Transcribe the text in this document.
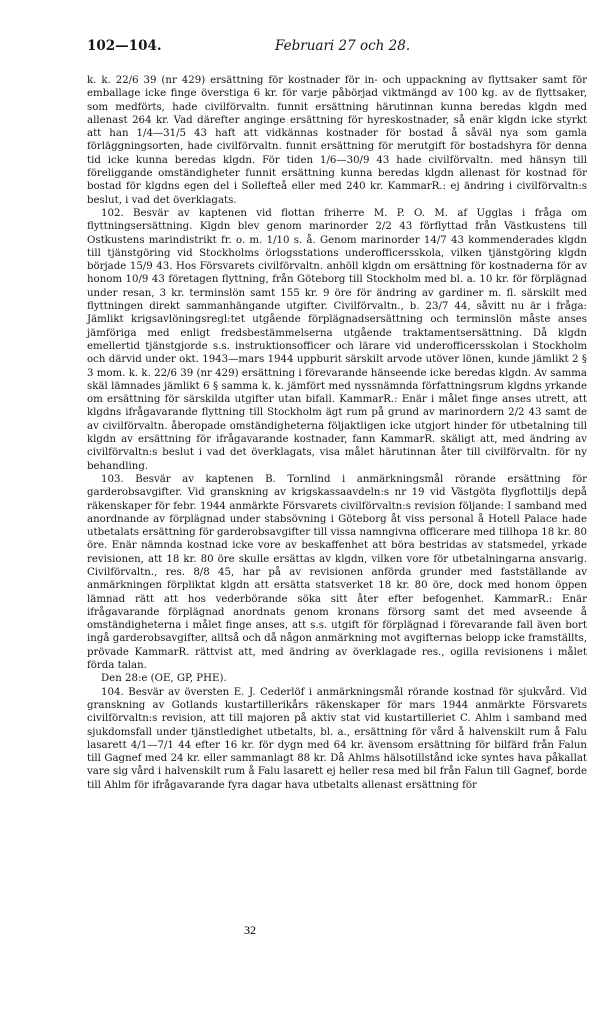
102—104.	Februari 27 och 28.

k. k. 22/6 39 (nr 429) ersättning för kostnader för in- och uppackning av flyttsaker samt för emballage icke finge överstiga 6 kr. för varje påbörjad viktmängd av 100 kg. av de flyttsaker, som medförts, hade civilförvaltn. funnit ersättning härutinnan kunna beredas klgdn med allenast 264 kr. Vad därefter anginge ersättning för hyreskostnader, så enär klgdn icke styrkt att han 1/4—31/5 43 haft att vidkännas kostnader för bostad å såväl nya som gamla förläggningsorten, hade civilförvaltn. funnit ersättning för merutgift för bostadshyra för denna tid icke kunna beredas klgdn. För tiden 1/6—30/9 43 hade civilförvaltn. med hänsyn till föreliggande omständigheter funnit ersättning kunna beredas klgdn allenast för kostnad för bostad för klgdns egen del i Sollefteå eller med 240 kr. KammarR.: ej ändring i civilförvaltn:s beslut, i vad det överklagats.

102. Besvär av kaptenen vid flottan friherre M. P. O. M. af Ugglas i fråga om flyttningsersättning. Klgdn blev genom marinorder 2/2 43 förflyttad från Västkustens till Ostkustens marindistrikt fr. o. m. 1/10 s. å. Genom marinorder 14/7 43 kommenderades klgdn till tjänstgöring vid Stockholms örlogsstations underofficersskola, vilken tjänstgöring klgdn började 15/9 43. Hos Försvarets civilförvaltn. anhöll klgdn om ersättning för kostnaderna för av honom 10/9 43 företagen flyttning, från Göteborg till Stockholm med bl. a. 10 kr. för förplägnad under resan, 3 kr. terminslön samt 155 kr. 9 öre för ändring av gardiner m. fl. särskilt med flyttningen direkt sammanhängande utgifter. Civilförvaltn., b. 23/7 44, såvitt nu är i fråga: Jämlikt krigsavlöningsregl:tet utgående förplägnadsersättning och terminslön måste anses jämföriga med enligt fredsbestämmelserna utgående traktamentsersättning. Då klgdn emellertid tjänstgjorde s.s. instruktionsofficer och lärare vid underofficersskolan i Stockholm och därvid under okt. 1943—mars 1944 uppburit särskilt arvode utöver lönen, kunde jämlikt 2 § 3 mom. k. k. 22/6 39 (nr 429) ersättning i förevarande hänseende icke beredas klgdn. Av samma skäl lämnades jämlikt 6 § samma k. k. jämfört med nyssnämnda författningsrum klgdns yrkande om ersättning för särskilda utgifter utan bifall. KammarR.: Enär i målet finge anses utrett, att klgdns ifrågavarande flyttning till Stockholm ägt rum på grund av marinordern 2/2 43 samt de av civilförvaltn. åberopade omständigheterna följaktligen icke utgjort hinder för utbetalning till klgdn av ersättning för ifrågavarande kostnader, fann KammarR. skäligt att, med ändring av civilförvaltn:s beslut i vad det överklagats, visa målet härutinnan åter till civilförvaltn. för ny behandling.

103. Besvär av kaptenen B. Tornlind i anmärkningsmål rörande ersättning för garderobsavgifter. Vid granskning av krigskassaavdeln:s nr 19 vid Västgöta flygflottiljs depå räkenskaper för febr. 1944 anmärkte Försvarets civilförvaltn:s revision följande: I samband med anordnande av förplägnad under stabsövning i Göteborg åt viss personal å Hotell Palace hade utbetalats ersättning för garderobsavgifter till vissa namngivna officerare med tillhopa 18 kr. 80 öre. Enär nämnda kostnad icke vore av beskaffenhet att böra bestridas av statsmedel, yrkade revisionen, att 18 kr. 80 öre skulle ersättas av klgdn, vilken vore för utbetalningarna ansvarig. Civilförvaltn., res. 8/8 45, har på av revisionen anförda grunder med fastställande av anmärkningen förpliktat klgdn att ersätta statsverket 18 kr. 80 öre, dock med honom öppen lämnad rätt att hos vederbörande söka sitt åter efter befogenhet. KammarR.: Enär ifrågavarande förplägnad anordnats genom kronans försorg samt det med avseende å omständigheterna i målet finge anses, att s.s. utgift för förplägnad i förevarande fall även bort ingå garderobsavgifter, alltså och då någon anmärkning mot avgifternas belopp icke framställts, prövade KammarR. rättvist att, med ändring av överklagade res., ogilla revisionens i målet förda talan.

Den 28:e (OE, GP, PHE).

104. Besvär av översten E. J. Cederlöf i anmärkningsmål rörande kostnad för sjukvård. Vid granskning av Gotlands kustartillerikårs räkenskaper för mars 1944 anmärkte Försvarets civilförvaltn:s revision, att till majoren på aktiv stat vid kustartilleriet C. Ahlm i samband med sjukdomsfall under tjänstledighet utbetalts, bl. a., ersättning för vård å halvenskilt rum å Falu lasarett 4/1—7/1 44 efter 16 kr. för dygn med 64 kr. ävensom ersättning för bilfärd från Falun till Gagnef med 24 kr. eller sammanlagt 88 kr. Då Ahlms hälsotillstånd icke syntes hava påkallat vare sig vård i halvenskilt rum å Falu lasarett ej heller resa med bil från Falun till Gagnef, borde till Ahlm för ifrågavarande fyra dagar hava utbetalts allenast ersättning för

32
